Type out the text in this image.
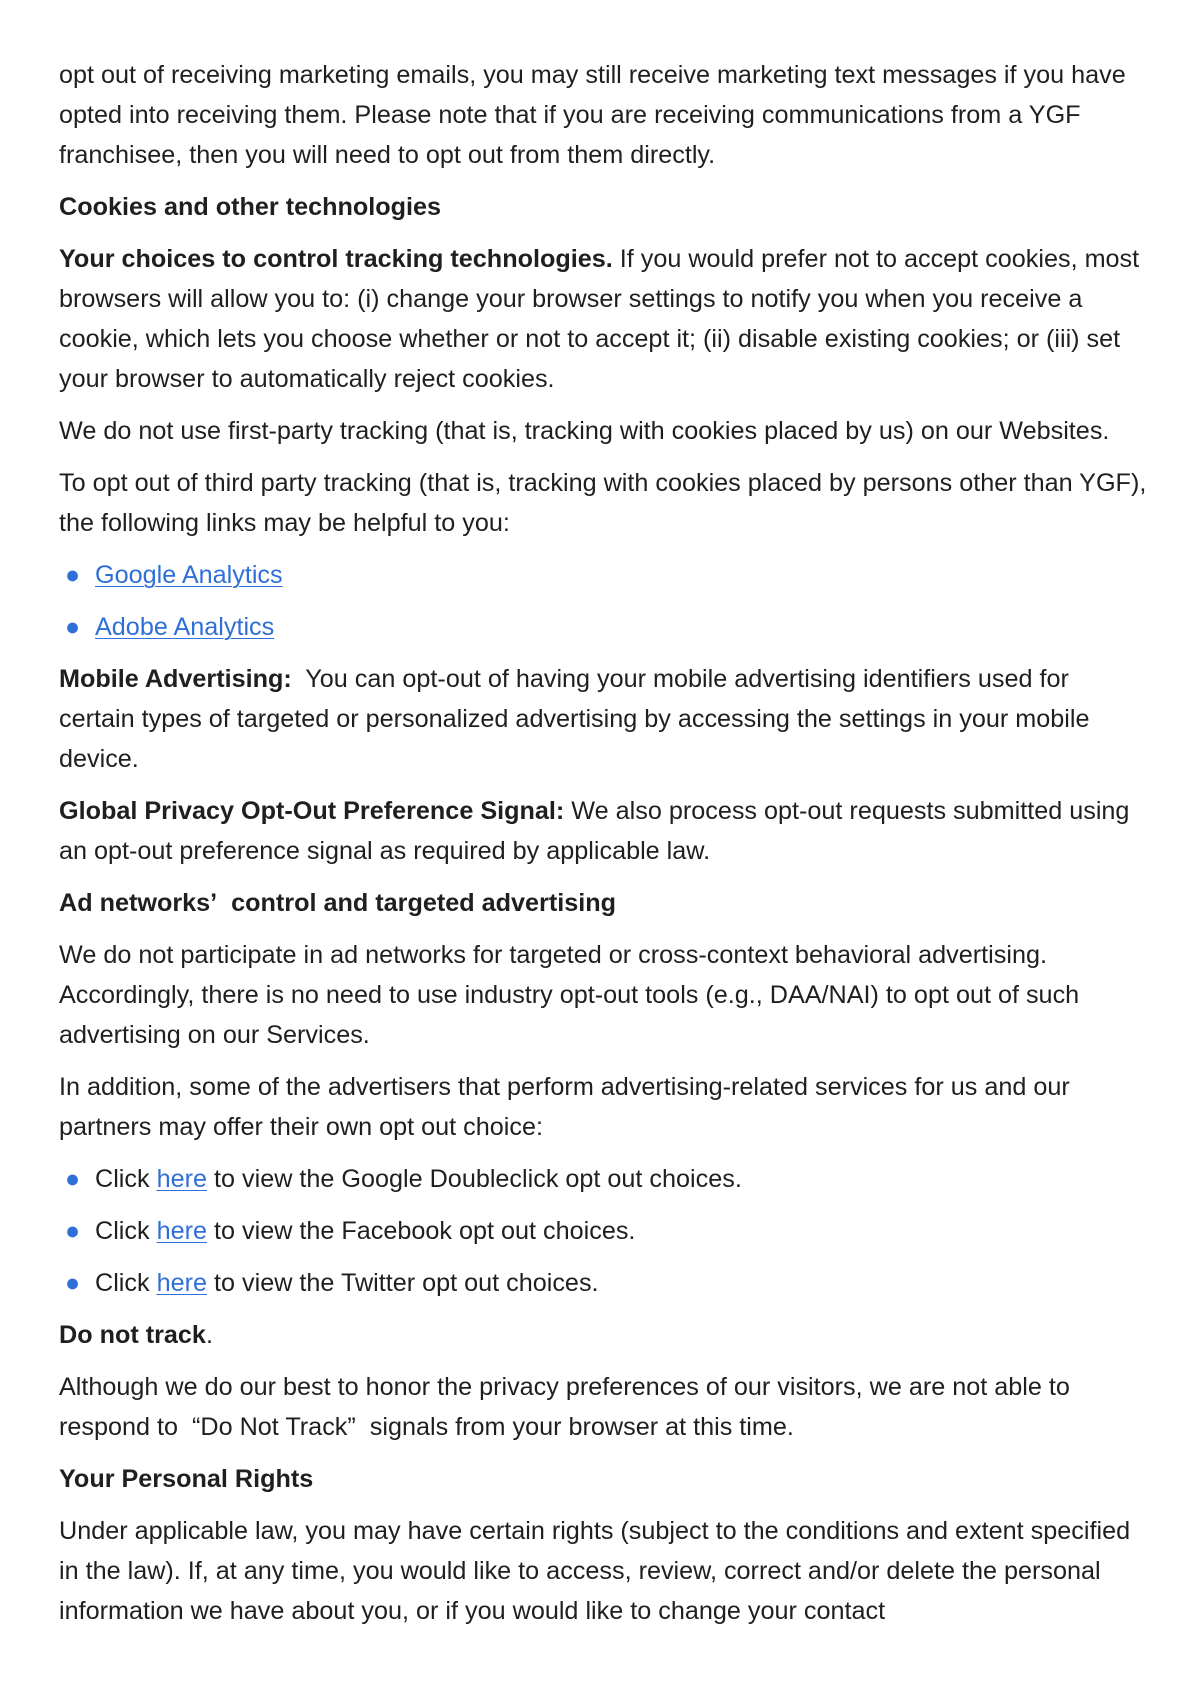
opt out of receiving marketing emails, you may still receive marketing text messages if you have opted into receiving them. Please note that if you are receiving communications from a YGF franchisee, then you will need to opt out from them directly.

Cookies and other technologies

Your choices to control tracking technologies. If you would prefer not to accept cookies, most browsers will allow you to: (i) change your browser settings to notify you when you receive a cookie, which lets you choose whether or not to accept it; (ii) disable existing cookies; or (iii) set your browser to automatically reject cookies.

We do not use first-party tracking (that is, tracking with cookies placed by us) on our Websites.

To opt out of third party tracking (that is, tracking with cookies placed by persons other than YGF), the following links may be helpful to you:

● Google Analytics
● Adobe Analytics

Mobile Advertising:  You can opt-out of having your mobile advertising identifiers used for certain types of targeted or personalized advertising by accessing the settings in your mobile device.

Global Privacy Opt-Out Preference Signal: We also process opt-out requests submitted using an opt-out preference signal as required by applicable law.

Ad networks’  control and targeted advertising

We do not participate in ad networks for targeted or cross-context behavioral advertising. Accordingly, there is no need to use industry opt-out tools (e.g., DAA/NAI) to opt out of such advertising on our Services.

In addition, some of the advertisers that perform advertising-related services for us and our partners may offer their own opt out choice:

● Click here to view the Google Doubleclick opt out choices.
● Click here to view the Facebook opt out choices.
● Click here to view the Twitter opt out choices.

Do not track.

Although we do our best to honor the privacy preferences of our visitors, we are not able to respond to  “Do Not Track”  signals from your browser at this time.

Your Personal Rights

Under applicable law, you may have certain rights (subject to the conditions and extent specified in the law). If, at any time, you would like to access, review, correct and/or delete the personal information we have about you, or if you would like to change your contact
